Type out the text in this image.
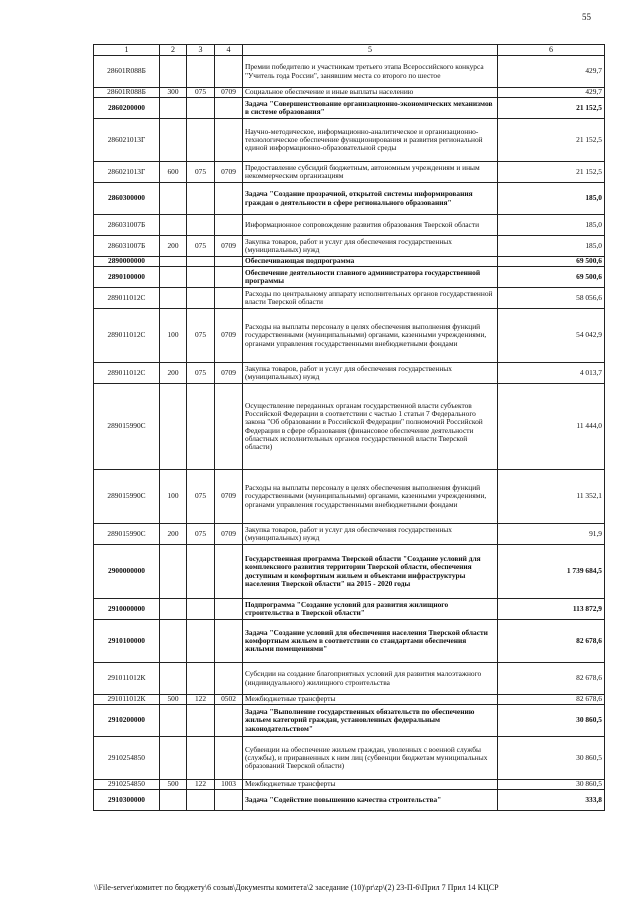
55
1	2	3	4	5	6
28601R088Б				Премии победителю и участникам третьего этапа Всероссийского конкурса "Учитель года России", занявшим места со второго по шестое	429,7
28601R088Б	300	075	0709	Социальное обеспечение и иные выплаты населению	429,7
2860200000				Задача "Совершенствование организационно-экономических механизмов в системе образования"	21 152,5
286021013Г				Научно-методическое, информационно-аналитическое и организационно-технологическое обеспечение функционирования и развития региональной единой информационно-образовательной среды	21 152,5
286021013Г	600	075	0709	Предоставление субсидий бюджетным, автономным учреждениям и иным некоммерческим организациям	21 152,5
2860300000				Задача "Создание прозрачной, открытой системы информирования граждан о деятельности в сфере регионального образования"	185,0
286031007Б				Информационное сопровождение развития образования Тверской области	185,0
286031007Б	200	075	0709	Закупка товаров, работ и услуг для обеспечения государственных (муниципальных) нужд	185,0
2890000000				Обеспечивающая подпрограмма	69 500,6
2890100000				Обеспечение деятельности главного администратора государственной программы	69 500,6
289011012С				Расходы по центральному аппарату исполнительных органов государственной власти Тверской области	58 056,6
289011012С	100	075	0709	Расходы на выплаты персоналу в целях обеспечения выполнения функций государственными (муниципальными) органами, казенными учреждениями, органами управления государственными внебюджетными фондами	54 042,9
289011012С	200	075	0709	Закупка товаров, работ и услуг для обеспечения государственных (муниципальных) нужд	4 013,7
289015990С				Осуществление переданных органам государственной власти субъектов Российской Федерации в соответствии с частью 1 статьи 7 Федерального закона "Об образовании в Российской Федерации" полномочий Российской Федерации в сфере образования (финансовое обеспечение деятельности областных исполнительных органов государственной власти Тверской области)	11 444,0
289015990С	100	075	0709	Расходы на выплаты персоналу в целях обеспечения выполнения функций государственными (муниципальными) органами, казенными учреждениями, органами управления государственными внебюджетными фондами	11 352,1
289015990С	200	075	0709	Закупка товаров, работ и услуг для обеспечения государственных (муниципальных) нужд	91,9
2900000000				Государственная программа Тверской области "Создание условий для комплексного развития территории Тверской области, обеспечения доступным и комфортным жильем и объектами инфраструктуры населения Тверской области" на 2015 - 2020 годы	1 739 684,5
2910000000				Подпрограмма "Создание условий для развития жилищного строительства в Тверской области"	113 872,9
2910100000				Задача "Создание условий для обеспечения населения Тверской области комфортным жильем в соответствии со стандартами обеспечения жилыми помещениями"	82 678,6
291011012К				Субсидии на создание благоприятных условий для развития малоэтажного (индивидуального) жилищного строительства	82 678,6
291011012К	500	122	0502	Межбюджетные трансферты	82 678,6
2910200000				Задача "Выполнение государственных обязательств по обеспечению жильем категорий граждан, установленных федеральным законодательством"	30 860,5
2910254850				Субвенции на обеспечение жильем граждан, уволенных с военной службы (службы), и приравненных к ним лиц (субвенции бюджетам муниципальных образований Тверской области)	30 860,5
2910254850	500	122	1003	Межбюджетные трансферты	30 860,5
2910300000				Задача "Содействие повышению качества строительства"	333,8
\\File-server\комитет по бюджету\6 созыв\Документы комитета\2 заседание (10)\pr\zp\(2) 23-П-6\Прил 7 Прил 14 КЦСР
